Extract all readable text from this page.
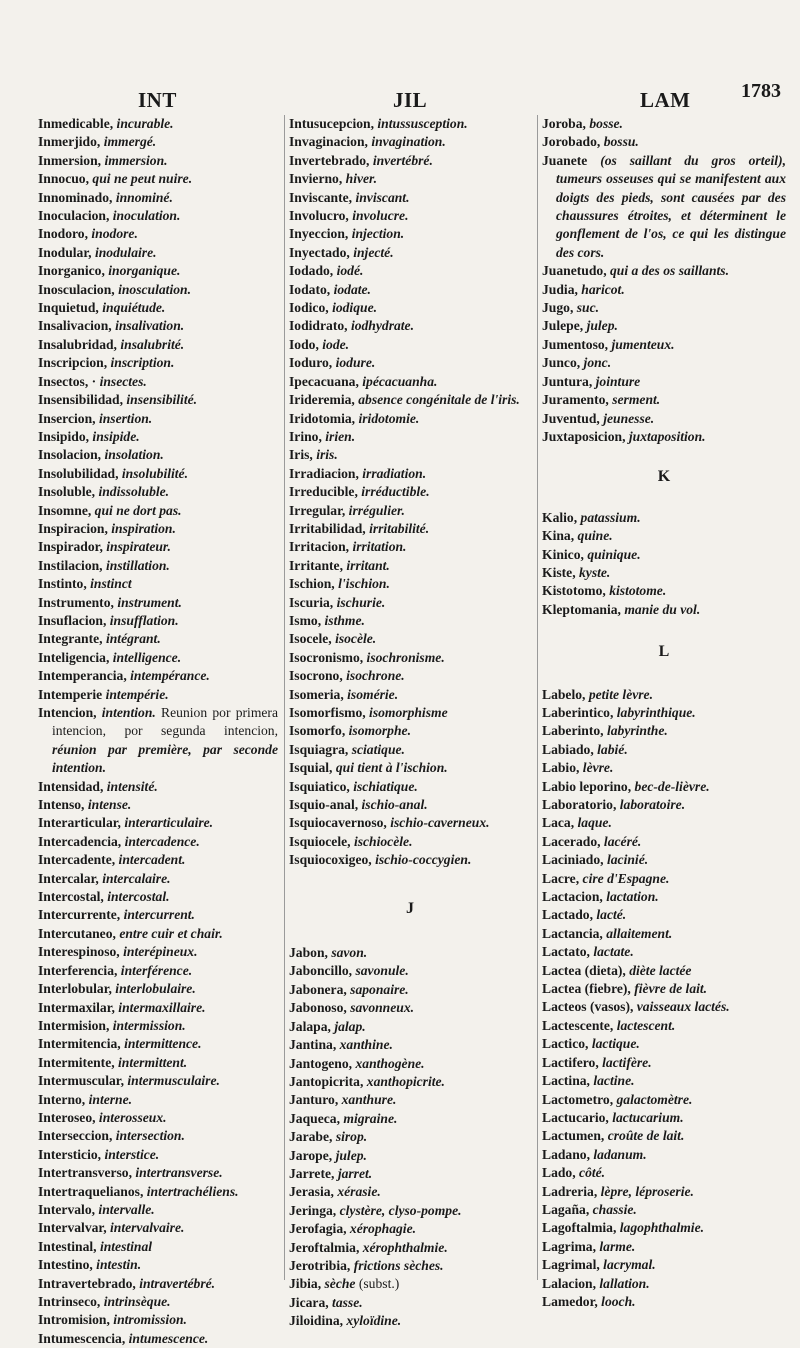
INT	JIL	LAM	1783

Inmedicable, incurable.

Inmerjido, immergé.

Inmersion, immersion.

Innocuo, qui ne peut nuire.

Innominado, innominé.

Inoculacion, inoculation.

Inodoro, inodore.

Inodular, inodulaire.

Inorganico, inorganique.

Inosculacion, inosculation.

Inquietud, inquiétude.

Insalivacion, insalivation.

Insalubridad, insalubrité.

Inscripcion, inscription.

Insectos, · insectes.

Insensibilidad, insensibilité.

Insercion, insertion.

Insipido, insipide.

Insolacion, insolation.

Insolubilidad, insolubilité.

Insoluble, indissoluble.

Insomne, qui ne dort pas.

Inspiracion, inspiration.

Inspirador, inspirateur.

Instilacion, instillation.

Instinto, instinct

Instrumento, instrument.

Insuflacion, insufflation.

Integrante, intégrant.

Inteligencia, intelligence.

Intemperancia, intempérance.

Intemperie intempérie.

Intencion, intention. Reunion por primera intencion, por segunda intencion, réunion par première, par seconde intention.

Intensidad, intensité.

Intenso, intense.

Interarticular, interarticulaire.

Intercadencia, intercadence.

Intercadente, intercadent.

Intercalar, intercalaire.

Intercostal, intercostal.

Intercurrente, intercurrent.

Intercutaneo, entre cuir et chair.

Interespinoso, interépineux.

Interferencia, interférence.

Interlobular, interlobulaire.

Intermaxilar, intermaxillaire.

Intermision, intermission.

Intermitencia, intermittence.

Intermitente, intermittent.

Intermuscular, intermusculaire.

Interno, interne.

Interoseo, interosseux.

Interseccion, intersection.

Intersticio, interstice.

Intertransverso, intertransverse.

Intertraquelianos, intertrachéliens.

Intervalo, intervalle.

Intervalvar, intervalvaire.

Intestinal, intestinal

Intestino, intestin.

Intravertebrado, intravertébré.

Intrinseco, intrinsèque.

Intromision, intromission.

Intumescencia, intumescence.

Intusucepcion, intussusception.

Invaginacion, invagination.

Invertebrado, invertébré.

Invierno, hiver.

Inviscante, inviscant.

Involucro, involucre.

Inyeccion, injection.

Inyectado, injecté.

Iodado, iodé.

Iodato, iodate.

Iodico, iodique.

Iodidrato, iodhydrate.

Iodo, iode.

Ioduro, iodure.

Ipecacuana, ipécacuanha.

Irideremia, absence congénitale de l'iris.

Iridotomia, iridotomie.

Irino, irien.

Iris, iris.

Irradiacion, irradiation.

Irreducible, irréductible.

Irregular, irrégulier.

Irritabilidad, irritabilité.

Irritacion, irritation.

Irritante, irritant.

Ischion, l'ischion.

Iscuria, ischurie.

Ismo, isthme.

Isocele, isocèle.

Isocronismo, isochronisme.

Isocrono, isochrone.

Isomeria, isomérie.

Isomorfismo, isomorphisme

Isomorfo, isomorphe.

Isquiagra, sciatique.

Isquial, qui tient à l'ischion.

Isquiatico, ischiatique.

Isquio-anal, ischio-anal.

Isquiocavernoso, ischio-caverneux.

Isquiocele, ischiocèle.

Isquiocoxigeo, ischio-coccygien.

J

Jabon, savon.

Jaboncillo, savonule.

Jabonera, saponaire.

Jabonoso, savonneux.

Jalapa, jalap.

Jantina, xanthine.

Jantogeno, xanthogène.

Jantopicrita, xanthopicrite.

Janturo, xanthure.

Jaqueca, migraine.

Jarabe, sirop.

Jarope, julep.

Jarrete, jarret.

Jerasia, xérasie.

Jeringa, clystère, clyso-pompe.

Jerofagia, xérophagie.

Jeroftalmia, xérophthalmie.

Jerotribia, frictions sèches.

Jibia, sèche (subst.)

Jicara, tasse.

Jiloidina, xyloïdine.

Joroba, bosse.

Jorobado, bossu.

Juanete (os saillant du gros orteil), tumeurs osseuses qui se manifestent aux doigts des pieds, sont causées par des chaussures étroites, et déterminent le gonflement de l'os, ce qui les distingue des cors.

Juanetudo, qui a des os saillants.

Judia, haricot.

Jugo, suc.

Julepe, julep.

Jumentoso, jumenteux.

Junco, jonc.

Juntura, jointure

Juramento, serment.

Juventud, jeunesse.

Juxtaposicion, juxtaposition.

K

Kalio, patassium.

Kina, quine.

Kinico, quinique.

Kiste, kyste.

Kistotomo, kistotome.

Kleptomania, manie du vol.

L

Labelo, petite lèvre.

Laberintico, labyrinthique.

Laberinto, labyrinthe.

Labiado, labié.

Labio, lèvre.

Labio leporino, bec-de-lièvre.

Laboratorio, laboratoire.

Laca, laque.

Lacerado, lacéré.

Laciniado, lacinié.

Lacre, cire d'Espagne.

Lactacion, lactation.

Lactado, lacté.

Lactancia, allaitement.

Lactato, lactate.

Lactea (dieta), diète lactée

Lactea (fiebre), fièvre de lait.

Lacteos (vasos), vaisseaux lactés.

Lactescente, lactescent.

Lactico, lactique.

Lactifero, lactifère.

Lactina, lactine.

Lactometro, galactomètre.

Lactucario, lactucarium.

Lactumen, croûte de lait.

Ladano, ladanum.

Lado, côté.

Ladreria, lèpre, léproserie.

Lagaña, chassie.

Lagoftalmia, lagophthalmie.

Lagrima, larme.

Lagrimal, lacrymal.

Lalacion, lallation.

Lamedor, looch.
